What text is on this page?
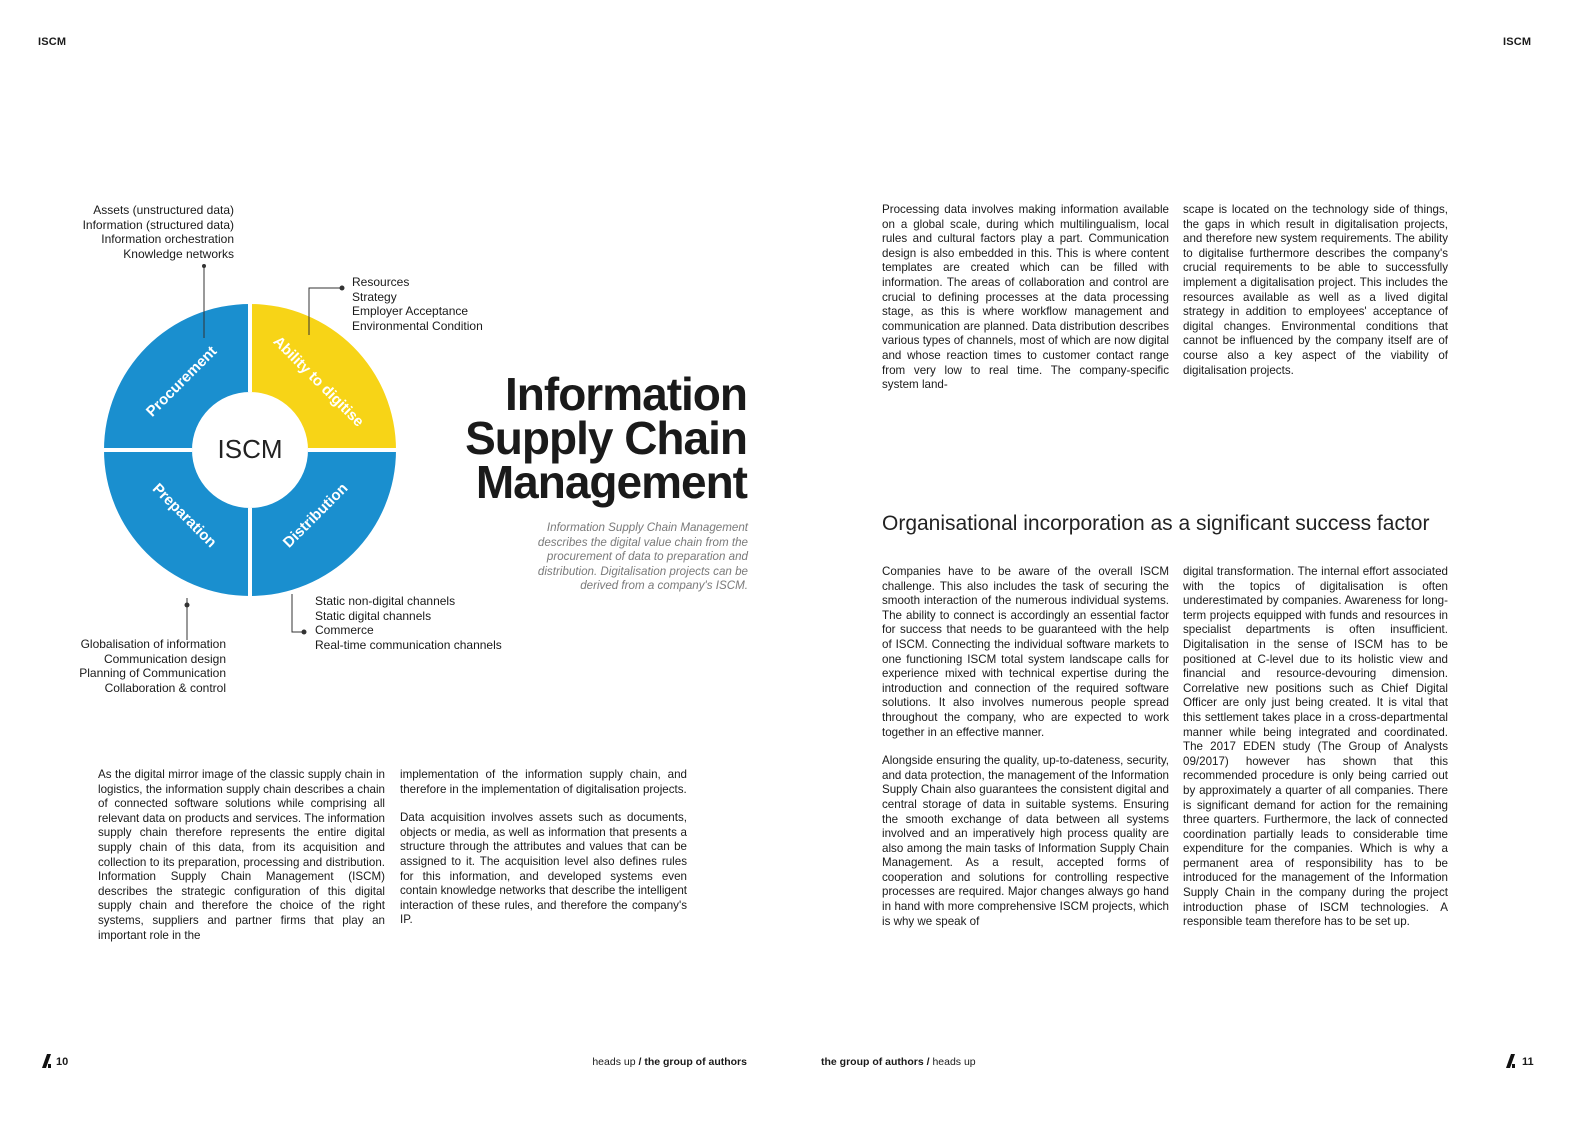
ISCM	ISCM
Procurement	Ability to digitise
Distribution
Preparation
ISCM
Assets (unstructured data)
Information (structured data)
Information orchestration
Knowledge networks
Resources
Strategy
Employer Acceptance
Environmental Condition
Globalisation of information
Communication design
Planning of Communication
Collaboration & control
Static non-digital channels
Static digital channels
Commerce
Real-time communication channels
Information
Supply Chain
Management
Information Supply Chain Management describes the digital value chain from the procurement of data to preparation and distribution. Digitalisation projects can be derived from a company's ISCM.

As the digital mirror image of the classic supply chain in logistics, the information supply chain describes a chain of connected software solutions while comprising all relevant data on products and services. The information supply chain therefore represents the entire digital supply chain of this data, from its acquisition and collection to its preparation, processing and distribution. Information Supply Chain Management (ISCM) describes the strategic configuration of this digital supply chain and therefore the choice of the right systems, suppliers and partner firms that play an important role in the

implementation of the information supply chain, and therefore in the implementation of digitalisation projects.

Data acquisition involves assets such as documents, objects or media, as well as information that presents a structure through the attributes and values that can be assigned to it. The acquisition level also defines rules for this information, and developed systems even contain knowledge networks that describe the intelligent interaction of these rules, and therefore the company's IP.

Processing data involves making information available on a global scale, during which multilingualism, local rules and cultural factors play a part. Communication design is also embedded in this. This is where content templates are created which can be filled with information. The areas of collaboration and control are crucial to defining processes at the data processing stage, as this is where workflow management and communication are planned. Data distribution describes various types of channels, most of which are now digital and whose reaction times to customer contact range from very low to real time. The company-specific system land-

scape is located on the technology side of things, the gaps in which result in digitalisation projects, and therefore new system requirements. The ability to digitalise furthermore describes the company's crucial requirements to be able to successfully implement a digitalisation project. This includes the resources available as well as a lived digital strategy in addition to employees' acceptance of digital changes. Environmental conditions that cannot be influenced by the company itself are of course also a key aspect of the viability of digitalisation projects.

Organisational incorporation as a significant success factor

Companies have to be aware of the overall ISCM challenge. This also includes the task of securing the smooth interaction of the numerous individual systems. The ability to connect is accordingly an essential factor for success that needs to be guaranteed with the help of ISCM. Connecting the individual software markets to one functioning ISCM total system landscape calls for experience mixed with technical expertise during the introduction and connection of the required software solutions. It also involves numerous people spread throughout the company, who are expected to work together in an effective manner.

Alongside ensuring the quality, up-to-dateness, security, and data protection, the management of the Information Supply Chain also guarantees the consistent digital and central storage of data in suitable systems. Ensuring the smooth exchange of data between all systems involved and an imperatively high process quality are also among the main tasks of Information Supply Chain Management. As a result, accepted forms of cooperation and solutions for controlling respective processes are required. Major changes always go hand in hand with more comprehensive ISCM projects, which is why we speak of

digital transformation. The internal effort associated with the topics of digitalisation is often underestimated by companies. Awareness for long-term projects equipped with funds and resources in specialist departments is often insufficient. Digitalisation in the sense of ISCM has to be positioned at C-level due to its holistic view and financial and resource-devouring dimension. Correlative new positions such as Chief Digital Officer are only just being created. It is vital that this settlement takes place in a cross-departmental manner while being integrated and coordinated. The 2017 EDEN study (The Group of Analysts 09/2017) however has shown that this recommended procedure is only being carried out by approximately a quarter of all companies. There is significant demand for action for the remaining three quarters. Furthermore, the lack of connected coordination partially leads to considerable time expenditure for the companies. Which is why a permanent area of responsibility has to be introduced for the management of the Information Supply Chain in the company during the project introduction phase of ISCM technologies. A responsible team therefore has to be set up.

10	heads up / the group of authors	the group of authors / heads up	11
